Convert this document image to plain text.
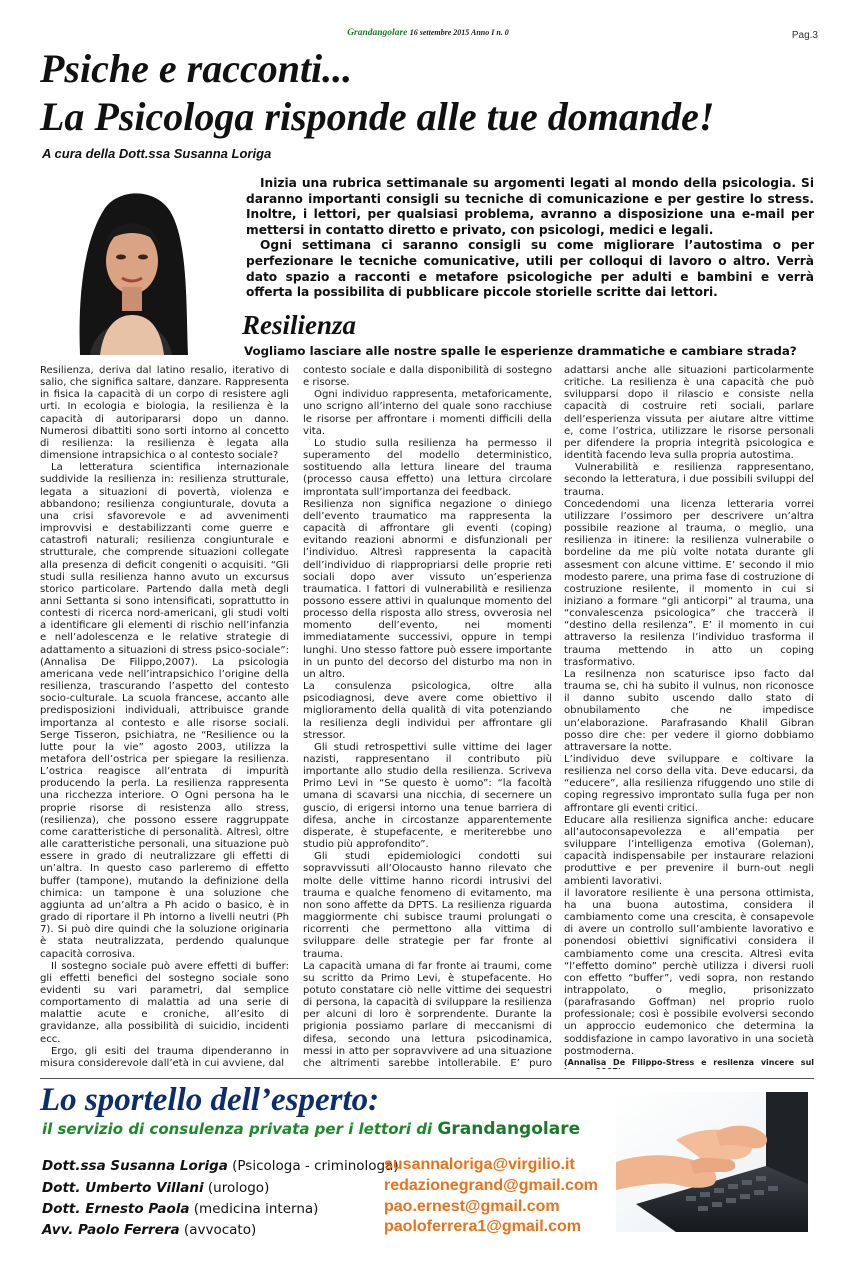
Grandangolare 16 settembre 2015 Anno I n. 0	Pag.3
Psiche e racconti...
La Psicologa risponde alle tue domande!
A cura della Dott.ssa Susanna Loriga

Inizia una rubrica settimanale su argomenti legati al mondo della psicologia. Si daranno importanti consigli su tecniche di comunicazione e per gestire lo stress. Inoltre, i lettori, per qualsiasi problema, avranno a disposizione una e-mail per mettersi in contatto diretto e privato, con psicologi, medici e legali.

Ogni settimana ci saranno consigli su come migliorare l’autostima o per perfezionare le tecniche comunicative, utili per colloqui di lavoro o altro. Verrà dato spazio a racconti e metafore psicologiche per adulti e bambini e verrà offerta la possibilita di pubblicare piccole storielle scritte dai lettori.

Resilienza
Vogliamo lasciare alle nostre spalle le esperienze drammatiche e cambiare strada?

Resilienza, deriva dal latino resalio, iterativo di salio, che significa saltare, danzare. Rappresenta in fisica la capacità di un corpo di resistere agli urti. In ecologia e biologia, la resilienza è la capacità di autoripararsi dopo un danno. Numerosi dibattiti sono sorti intorno al concetto di resilienza: la resilienza è legata alla dimensione intrapsichica o al contesto sociale?

La letteratura scientifica internazionale suddivide la resilienza in: resilienza strutturale, legata a situazioni di povertà, violenza e abbandono; resilienza congiunturale, dovuta a una crisi sfavorevole e ad avvenimenti improvvisi e destabilizzanti come guerre e catastrofi naturali; resilienza congiunturale e strutturale, che comprende situazioni collegate alla presenza di deficit congeniti o acquisiti. “Gli studi sulla resilienza hanno avuto un excursus storico particolare. Partendo dalla metà degli anni Settanta si sono intensificati, soprattutto in contesti di ricerca nord-americani, gli studi volti a identificare gli elementi di rischio nell’infanzia e nell’adolescenza e le relative strategie di adattamento a situazioni di stress psico-sociale”: (Annalisa De Filippo,2007). La psicologia americana vede nell’intrapsichico l’origine della resilienza, trascurando l’aspetto del contesto socio-culturale. La scuola francese, accanto alle predisposizioni individuali, attribuisce grande importanza al contesto e alle risorse sociali. Serge Tisseron, psichiatra, ne “Resilience ou la lutte pour la vie” agosto 2003, utilizza la metafora dell’ostrica per spiegare la resilienza. L’ostrica reagisce all’entrata di impurità producendo la perla. La resilienza rappresenta una ricchezza interiore. O Ogni persona ha le proprie risorse di resistenza allo stress, (resilienza), che possono essere raggruppate come caratteristiche di personalità. Altresì, oltre alle caratteristiche personali, una situazione può essere in grado di neutralizzare gli effetti di un’altra. In questo caso parleremo di effetto buffer (tampone), mutando la definizione della chimica: un tampone è una soluzione che aggiunta ad un’altra a Ph acido o basico, è in grado di riportare il Ph intorno a livelli neutri (Ph 7). Si può dire quindi che la soluzione originaria è stata neutralizzata, perdendo qualunque capacità corrosiva.

Il sostegno sociale può avere effetti di buffer: gli effetti benefici del sostegno sociale sono evidenti su vari parametri, dal semplice comportamento di malattia ad una serie di malattie acute e croniche, all’esito di gravidanze, alla possibilità di suicidio, incidenti ecc.

Ergo, gli esiti del trauma dipenderanno in misura considerevole dall’età in cui avviene, dal

contesto sociale e dalla disponibilità di sostegno e risorse.

Ogni individuo rappresenta, metaforicamente, uno scrigno all’interno del quale sono racchiuse le risorse per affrontare i momenti difficili della vita.

Lo studio sulla resilienza ha permesso il superamento del modello deterministico, sostituendo alla lettura lineare del trauma (processo causa effetto) una lettura circolare improntata sull’importanza dei feedback.

Resilienza non significa negazione o diniego dell’evento traumatico ma rappresenta la capacità di affrontare gli eventi (coping) evitando reazioni abnormi e disfunzionali per l’individuo. Altresì rappresenta la capacità dell’individuo di riappropriarsi delle proprie reti sociali dopo aver vissuto un’esperienza traumatica. I fattori di vulnerabilità e resilienza possono essere attivi in qualunque momento del processo della risposta allo stress, ovverosia nel momento dell’evento, nei momenti immediatamente successivi, oppure in tempi lunghi. Uno stesso fattore può essere importante in un punto del decorso del disturbo ma non in un altro.

La consulenza psicologica, oltre alla psicodiagnosi, deve avere come obiettivo il miglioramento della qualità di vita potenziando la resilienza degli individui per affrontare gli stressor.

Gli studi retrospettivi sulle vittime dei lager nazisti, rappresentano il contributo più importante allo studio della resilienza. Scriveva Primo Levi in “Se questo è uomo”: “la facoltà umana di scavarsi una nicchia, di secernere un guscio, di erigersi intorno una tenue barriera di difesa, anche in circostanze apparentemente disperate, è stupefacente, e meriterebbe uno studio più approfondito”.

Gli studi epidemiologici condotti sui sopravvissuti all’Olocausto hanno rilevato che molte delle vittime hanno ricordi intrusivi del trauma e qualche fenomeno di evitamento, ma non sono affette da DPTS. La resilienza riguarda maggiormente chi subisce traumi prolungati o ricorrenti che permettono alla vittima di sviluppare delle strategie per far fronte al trauma.

La capacità umana di far fronte ai traumi, come su scritto da Primo Levi, è stupefacente. Ho potuto constatare ciò nelle vittime dei sequestri di persona, la capacità di sviluppare la resilienza per alcuni di loro è sorprendente. Durante la prigionia possiamo parlare di meccanismi di difesa, secondo una lettura psicodinamica, messi in atto per sopravvivere ad una situazione che altrimenti sarebbe intollerabile. E’ puro

adattarsi anche alle situazioni particolarmente critiche. La resilienza è una capacità che può svilupparsi dopo il rilascio e consiste nella capacità di costruire reti sociali, parlare dell’esperienza vissuta per aiutare altre vittime e, come l’ostrica, utilizzare le risorse personali per difendere la propria integrità psicologica e identità facendo leva sulla propria autostima.

Vulnerabilità e resilienza rappresentano, secondo la letteratura, i due possibili sviluppi del trauma.

Concedendomi una licenza letteraria vorrei utilizzare l’ossimoro per descrivere un’altra possibile reazione al trauma, o meglio, una resilienza in itinere: la resilienza vulnerabile o bordeline da me più volte notata durante gli assesment con alcune vittime. E’ secondo il mio modesto parere, una prima fase di costruzione di costruzione resilente, il momento in cui si iniziano a formare “gli anticorpi” al trauma, una “convalescenza psicologica” che traccerà il “destino della resilenza”. E’ il momento in cui attraverso la resilenza l’individuo trasforma il trauma mettendo in atto un coping trasformativo.

La resilnenza non scaturisce ipso facto dal trauma se, chi ha subito il vulnus, non riconosce il danno subito uscendo dallo stato di obnubilamento che ne impedisce un’elaborazione. Parafrasando Khalil Gibran posso dire che: per vedere il giorno dobbiamo attraversare la notte.

L’individuo deve sviluppare e coltivare la resilienza nel corso della vita. Deve educarsi, da “educere”, alla resilienza rifuggendo uno stile di coping regressivo improntato sulla fuga per non affrontare gli eventi critici.

Educare alla resilienza significa anche: educare all’autoconsapevolezza e all’empatia per sviluppare l’intelligenza emotiva (Goleman), capacità indispensabile per instaurare relazioni produttive e per prevenire il burn-out negli ambienti lavorativi.

il lavoratore resiliente è una persona ottimista, ha una buona autostima, considera il cambiamento come una crescita, è consapevole di avere un controllo sull’ambiente lavorativo e ponendosi obiettivi significativi considera il cambiamento come una crescita. Altresì evita “l’effetto domino” perchè utilizza i diversi ruoli con effetto “buffer”, vedi sopra, non restando intrappolato, o meglio, prisonizzato (parafrasando Goffman) nel proprio ruolo professionale; così è possibile evolversi secondo un approccio eudemonico che determina la soddisfazione in campo lavorativo in una società postmoderna.

(Annalisa De Filippo-Stress e resilenza vincere sul

Lo sportello dell’esperto:
il servizio di consulenza privata per i lettori di Grandangolare
Dott.ssa Susanna Loriga (Psicologa - criminologa)
Dott. Umberto Villani (urologo)
Dott. Ernesto Paola (medicina interna)
Avv. Paolo Ferrera (avvocato)
susannaloriga@virgilio.it
redazionegrand@gmail.com
pao.ernest@gmail.com
paoloferrera1@gmail.com
